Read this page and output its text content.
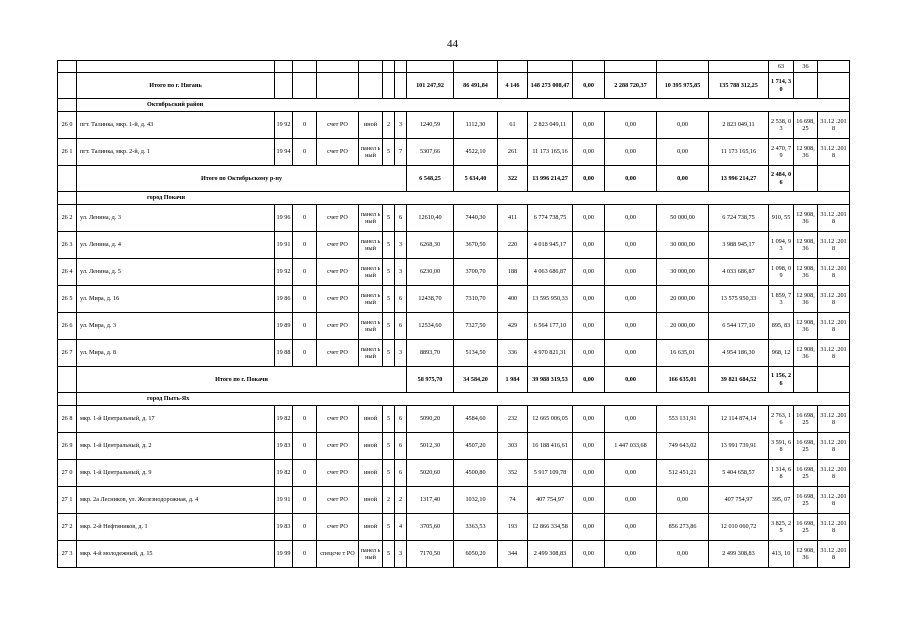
44
																63	36	
	Итого по г. Нягань							101 247,92	86 491,84	4 146	148 273 008,47	0,00	2 288 720,37	10 395 975,85	135 788 312,25	1 714, 30		
	Октябрьский район																	
26 0	пгт. Талинка, мкр. 1-й, д. 43	19 92	0	счет РО	иной	2	3	1240,59	1112,30	61	2 823 049,11	0,00	0,00	0,00	2 823 049,11	2 538, 03	16 698, 25	31.12 .2018
26 1	пгт. Талинка, мкр. 2-й, д. 1	19 94	0	счет РО	панел ьный	5	7	5307,66	4522,10	261	11 173 165,16	0,00	0,00	0,00	11 173 165,16	2 470, 79	12 908, 36	31.12 .2018
	Итого по Октябрьскому р-ну							6 548,25	5 634,40	322	13 996 214,27	0,00	0,00	0,00	13 996 214,27	2 484, 06		
	город Покачи																	
26 2	ул. Ленина, д. 3	19 96	0	счет РО	панел ьный	5	6	12610,40	7440,30	411	6 774 738,75	0,00	0,00	50 000,00	6 724 738,75	910, 55	12 908, 36	31.12 .2018
26 3	ул. Ленина, д. 4	19 91	0	счет РО	панел ьный	5	3	6268,30	3670,50	220	4 018 945,17	0,00	0,00	30 000,00	3 988 945,17	1 094, 93	12 908, 36	31.12 .2018
26 4	ул. Ленина, д. 5	19 92	0	счет РО	панел ьный	5	3	6230,00	3700,70	188	4 063 686,87	0,00	0,00	30 000,00	4 033 686,87	1 098, 09	12 908, 36	31.12 .2018
26 5	ул. Мира, д. 16	19 86	0	счет РО	панел ьный	5	6	12438,70	7310,70	400	13 595 950,33	0,00	0,00	20 000,00	13 575 950,33	1 859, 73	12 908, 36	31.12 .2018
26 6	ул. Мира, д. 3	19 89	0	счет РО	панел ьный	5	6	12534,60	7327,50	429	6 564 177,10	0,00	0,00	20 000,00	6 544 177,10	895, 83	12 908, 36	31.12 .2018
26 7	ул. Мира, д. 8	19 88	0	счет РО	панел ьный	5	3	8893,70	5134,50	336	4 970 821,31	0,00	0,00	16 635,01	4 954 186,30	968, 12	12 908, 36	31.12 .2018
	Итого по г. Покачи							58 975,70	34 584,20	1 984	39 988 319,53	0,00	0,00	166 635,01	39 821 684,52	1 156, 26		
	город Пыть-Ях																	
26 8	мкр. 1-й Центральный, д. 17	19 82	0	счет РО	иной	5	6	5090,20	4584,60	232	12 665 006,05	0,00	0,00	553 131,91	12 114 874,14	2 763, 16	16 698, 25	31.12 .2018
26 9	мкр. 1-й Центральный, д. 2	19 83	0	счет РО	иной	5	6	5012,30	4507,20	303	16 188 416,61	0,00	1 447 033,68	749 643,02	13 991 739,91	3 591, 68	16 698, 25	31.12 .2018
27 0	мкр. 1-й Центральный, д. 9	19 82	0	счет РО	иной	5	6	5020,60	4500,80	352	5 917 109,78	0,00	0,00	512 451,21	5 404 658,57	1 314, 68	16 698, 25	31.12 .2018
27 1	мкр. 2а Лесников, ул. Железнодорожная, д. 4	19 91	0	счет РО	иной	2	2	1317,40	1032,10	74	407 754,97	0,00	0,00	0,00	407 754,97	395, 07	16 698, 25	31.12 .2018
27 2	мкр. 2-й Нефтяников, д. 1	19 83	0	счет РО	иной	5	4	3705,60	3363,53	193	12 866 334,58	0,00	0,00	856 273,86	12 010 060,72	3 825, 25	16 698, 25	31.12 .2018
27 3	мкр. 4-й молодежный, д. 15	19 99	0	спецсче т РО	панел ьный	5	3	7170,50	6050,20	344	2 499 308,83	0,00	0,00	0,00	2 499 308,83	413, 10	12 908, 36	31.12 .2018
